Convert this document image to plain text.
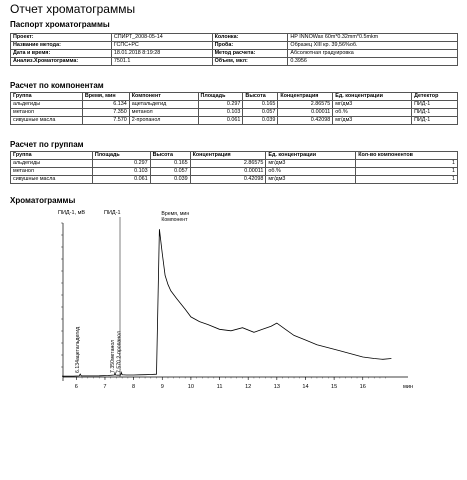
Отчет хроматограммы
Паспорт хроматограммы
Проект:	СПИРТ_2008-05-14	Колонка:	HP INNOWax 60m*0.32mm*0.5mkm
Название метода:	ГСПС+РС	Проба:	Образец XIII кр. 39,56%об.
Дата и время:	18.01.2018 8:19:28	Метод расчета:	Абсолютная градуировка
Анализ.Хроматограмма:	7501.1	Объем, мкл:	0.3956
Расчет по компонентам
Группа	Время, мин	Компонент	Площадь	Высота	Концентрация	Ед. концентрации	Детектор
альдегиды	6.134	ацетальдегид	0.297	0.165	2.86575	мг/дм3	ПИД-1
метанол	7.350	метанол	0.103	0.057	0.00011	об.%	ПИД-1
сивушные масла	7.570	2-пропанол	0.061	0.039	0.42098	мг/дм3	ПИД-1
Расчет по группам
Группа	Площадь	Высота	Концентрация	Ед. концентрации	Кол-во компонентов
альдегиды	0.297	0.165	2.86575	мг/дм3	1
метанол	0.103	0.057	0.00011	об.%	1
сивушные масла	0.061	0.039	0.42098	мг/дм3	1
Хроматограммы
ПИД-1, мВ	ПИД-1	Время, мин
Компонент
6	7	8	9	10	11	12	13	14	15	16	мин
6.134ацетальдегид	7.350метанол 7.570 2-пропанол
